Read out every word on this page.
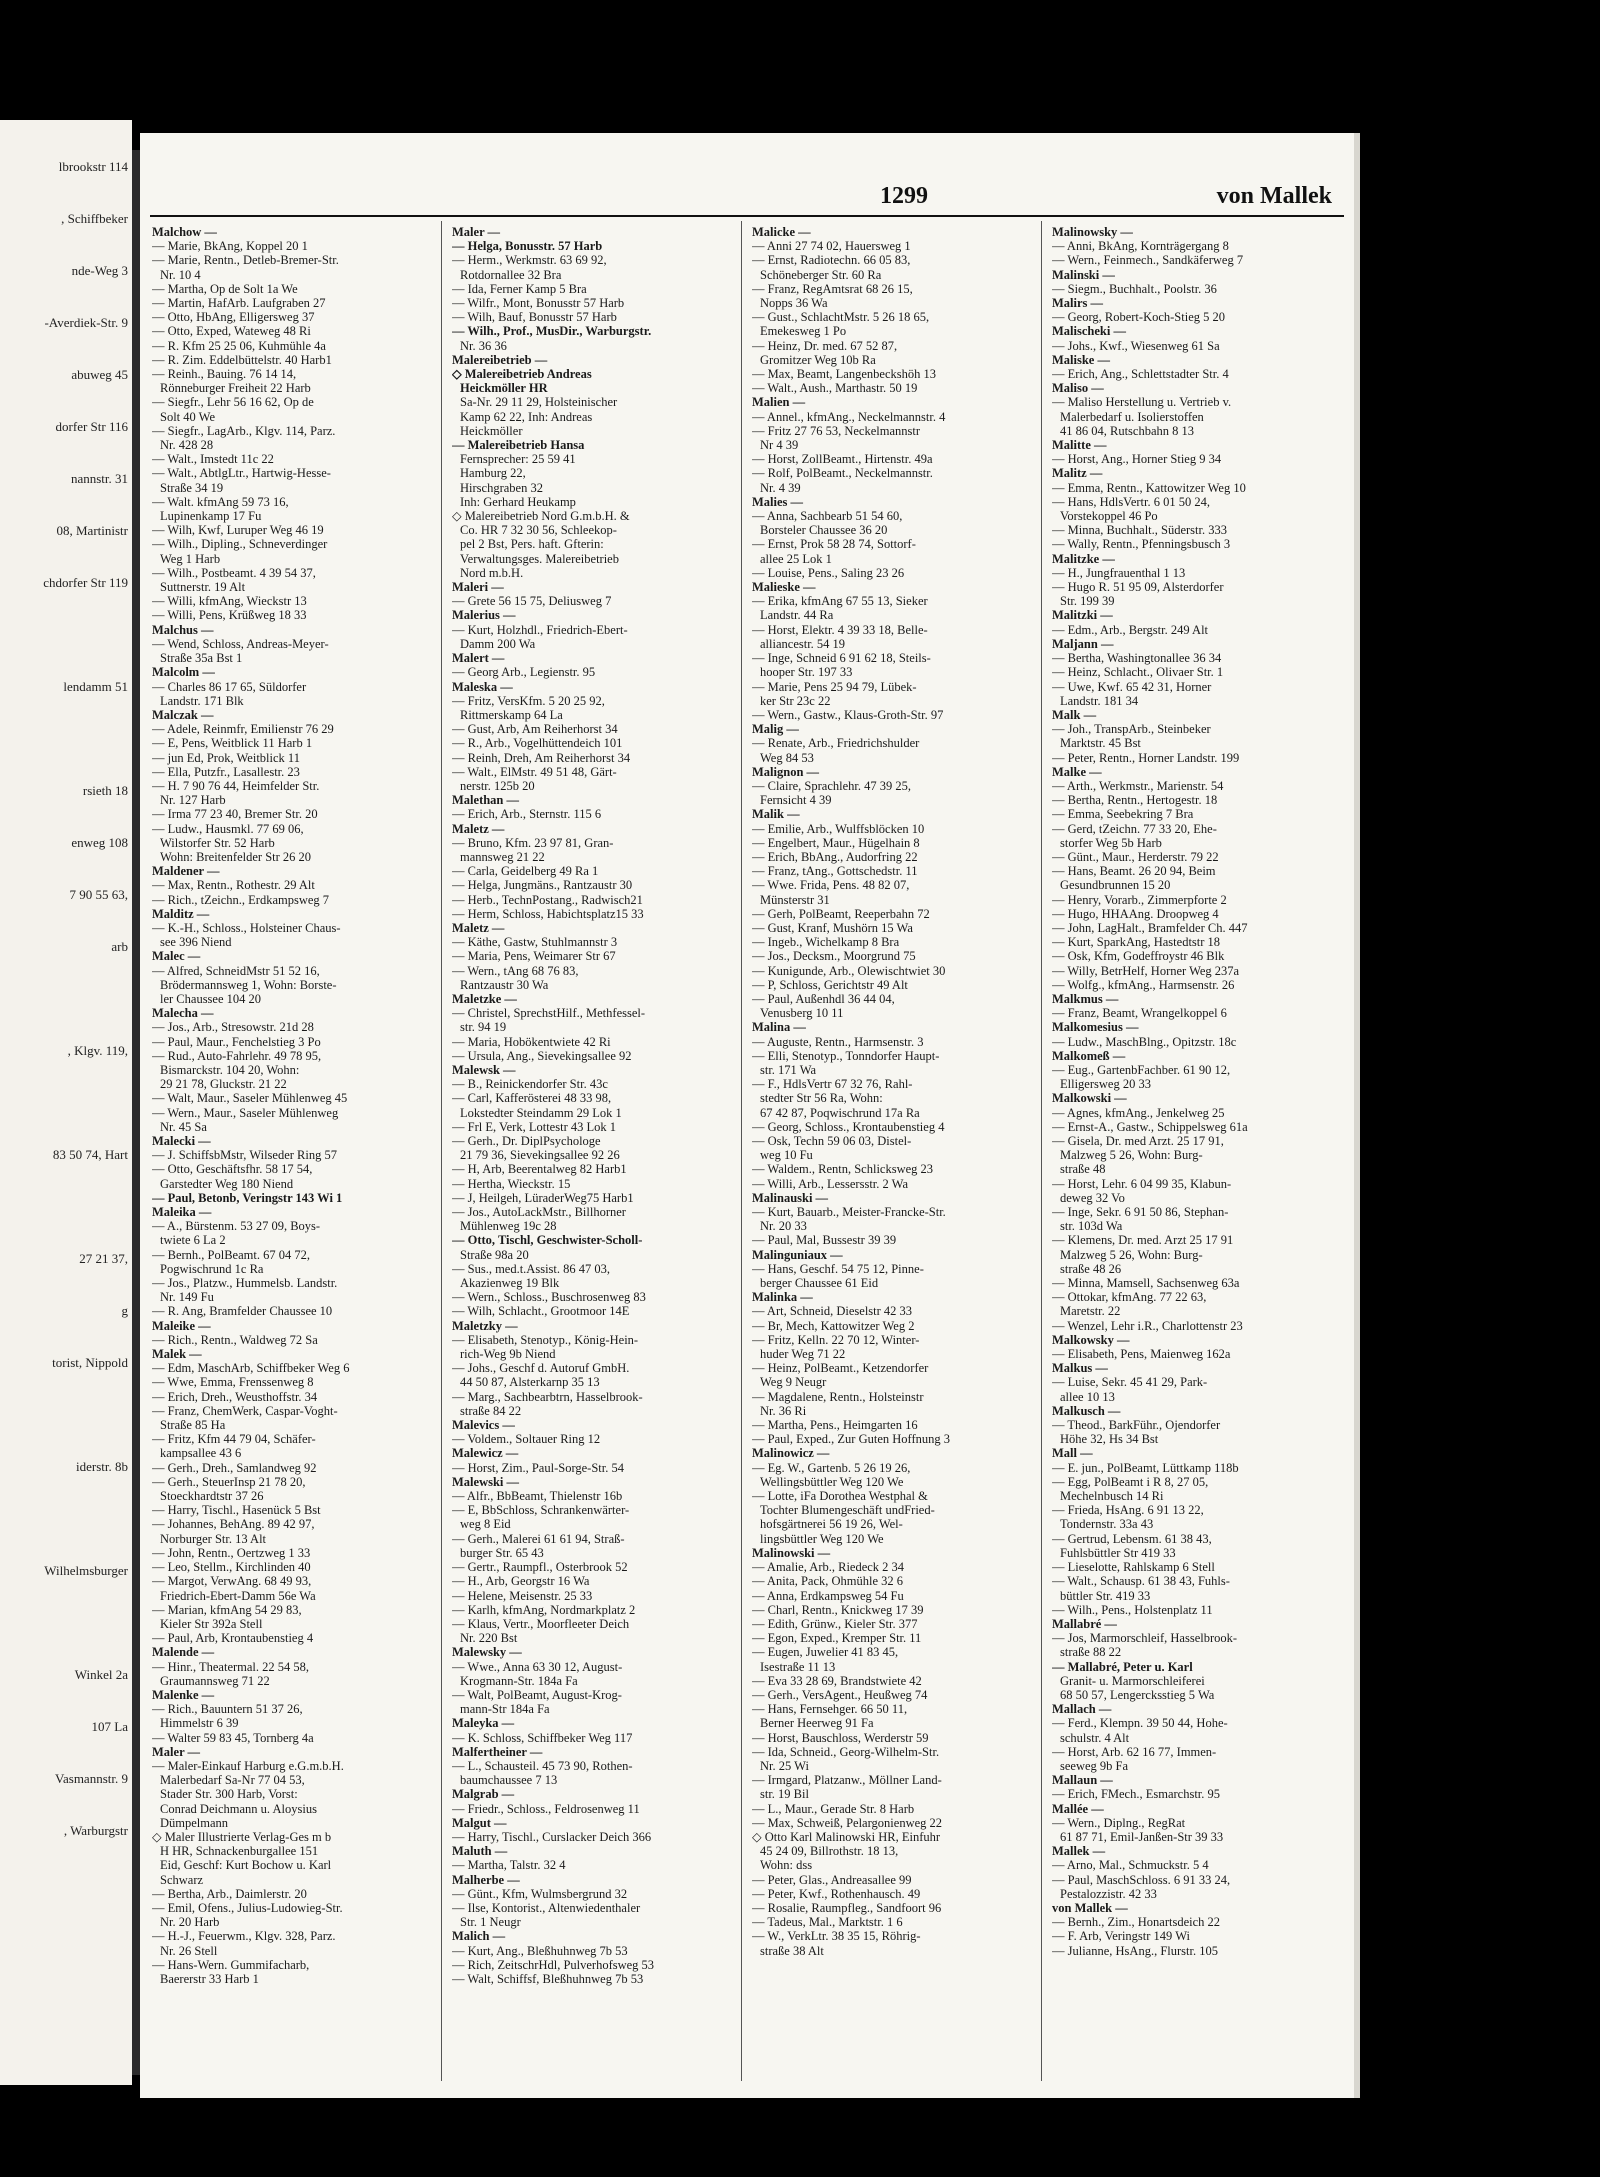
lbrookstr 114
, Schiffbeker
nde-Weg 3
-Averdiek-Str. 9
abuweg 45
dorfer Str 116
nannstr. 31
08, Martinistr
chdorfer Str 119
lendamm 51
rsieth 18
enweg 108
7 90 55 63,
arb
, Klgv. 119,
83 50 74, Hart
27 21 37,
g
torist, Nippold
iderstr. 8b
Wilhelmsburger
Winkel 2a
107 La
Vasmannstr. 9
, Warburgstr
1299	von Mallek
Malchow —
— Marie, BkAng, Koppel 20 1
— Marie, Rentn., Detleb-Bremer-Str.
Nr. 10 4
— Martha, Op de Solt 1a We
— Martin, HafArb. Laufgraben 27
— Otto, HbAng, Elligersweg 37
— Otto, Exped, Wateweg 48 Ri
— R. Kfm 25 25 06, Kuhmühle 4a
— R. Zim. Eddelbüttelstr. 40 Harb1
— Reinh., Bauing. 76 14 14,
Rönneburger Freiheit 22 Harb
— Siegfr., Lehr 56 16 62, Op de
Solt 40 We
— Siegfr., LagArb., Klgv. 114, Parz.
Nr. 428 28
— Walt., Imstedt 11c 22
— Walt., AbtlgLtr., Hartwig-Hesse-
Straße 34 19
— Walt. kfmAng 59 73 16,
Lupinenkamp 17 Fu
— Wilh, Kwf, Luruper Weg 46 19
— Wilh., Dipling., Schneverdinger
Weg 1 Harb
— Wilh., Postbeamt. 4 39 54 37,
Suttnerstr. 19 Alt
— Willi, kfmAng, Wieckstr 13
— Willi, Pens, Krüßweg 18 33
Malchus —
— Wend, Schloss, Andreas-Meyer-
Straße 35a Bst 1
Malcolm —
— Charles 86 17 65, Süldorfer
Landstr. 171 Blk
Malczak —
— Adele, Reinmfr, Emilienstr 76 29
— E, Pens, Weitblick 11 Harb 1
— jun Ed, Prok, Weitblick 11
— Ella, Putzfr., Lasallestr. 23
— H. 7 90 76 44, Heimfelder Str.
Nr. 127 Harb
— Irma 77 23 40, Bremer Str. 20
— Ludw., Hausmkl. 77 69 06,
Wilstorfer Str. 52 Harb
Wohn: Breitenfelder Str 26 20
Maldener —
— Max, Rentn., Rothestr. 29 Alt
— Rich., tZeichn., Erdkampsweg 7
Malditz —
— K.-H., Schloss., Holsteiner Chaus-
see 396 Niend
Malec —
— Alfred, SchneidMstr 51 52 16,
Brödermannsweg 1, Wohn: Borste-
ler Chaussee 104 20
Malecha —
— Jos., Arb., Stresowstr. 21d 28
— Paul, Maur., Fenchelstieg 3 Po
— Rud., Auto-Fahrlehr. 49 78 95,
Bismarckstr. 104 20, Wohn:
29 21 78, Gluckstr. 21 22
— Walt, Maur., Saseler Mühlenweg 45
— Wern., Maur., Saseler Mühlenweg
Nr. 45 Sa
Malecki —
— J. SchiffsbMstr, Wilseder Ring 57
— Otto, Geschäftsfhr. 58 17 54,
Garstedter Weg 180 Niend
— Paul, Betonb, Veringstr 143 Wi 1
Maleika —
— A., Bürstenm. 53 27 09, Boys-
twiete 6 La 2
— Bernh., PolBeamt. 67 04 72,
Pogwischrund 1c Ra
— Jos., Platzw., Hummelsb. Landstr.
Nr. 149 Fu
— R. Ang, Bramfelder Chaussee 10
Maleike —
— Rich., Rentn., Waldweg 72 Sa
Malek —
— Edm, MaschArb, Schiffbeker Weg 6
— Wwe, Emma, Frenssenweg 8
— Erich, Dreh., Weusthoffstr. 34
— Franz, ChemWerk, Caspar-Voght-
Straße 85 Ha
— Fritz, Kfm 44 79 04, Schäfer-
kampsallee 43 6
— Gerh., Dreh., Samlandweg 92
— Gerh., SteuerInsp 21 78 20,
Stoeckhardtstr 37 26
— Harry, Tischl., Hasenück 5 Bst
— Johannes, BehAng. 89 42 97,
Norburger Str. 13 Alt
— John, Rentn., Oertzweg 1 33
— Leo, Stellm., Kirchlinden 40
— Margot, VerwAng. 68 49 93,
Friedrich-Ebert-Damm 56e Wa
— Marian, kfmAng 54 29 83,
Kieler Str 392a Stell
— Paul, Arb, Krontaubenstieg 4
Malende —
— Hinr., Theatermal. 22 54 58,
Graumannsweg 71 22
Malenke —
— Rich., Bauuntern 51 37 26,
Himmelstr 6 39
— Walter 59 83 45, Tornberg 4a
Maler —
— Maler-Einkauf Harburg e.G.m.b.H.
Malerbedarf Sa-Nr 77 04 53,
Stader Str. 300 Harb, Vorst:
Conrad Deichmann u. Aloysius
Dümpelmann
◇ Maler Illustrierte Verlag-Ges m b
H HR, Schnackenburgallee 151
Eid, Geschf: Kurt Bochow u. Karl
Schwarz
— Bertha, Arb., Daimlerstr. 20
— Emil, Ofens., Julius-Ludowieg-Str.
Nr. 20 Harb
— H.-J., Feuerwm., Klgv. 328, Parz.
Nr. 26 Stell
— Hans-Wern. Gummifacharb,
Baererstr 33 Harb 1
Maler —
— Helga, Bonusstr. 57 Harb
— Herm., Werkmstr. 63 69 92,
Rotdornallee 32 Bra
— Ida, Ferner Kamp 5 Bra
— Wilfr., Mont, Bonusstr 57 Harb
— Wilh, Bauf, Bonusstr 57 Harb
— Wilh., Prof., MusDir., Warburgstr.
Nr. 36 36
Malereibetrieb —
◇ Malereibetrieb Andreas
Heickmöller HR
Sa-Nr. 29 11 29, Holsteinischer
Kamp 62 22, Inh: Andreas
Heickmöller
— Malereibetrieb Hansa
Fernsprecher: 25 59 41
Hamburg 22,
Hirschgraben 32
Inh: Gerhard Heukamp
◇ Malereibetrieb Nord G.m.b.H. &
Co. HR 7 32 30 56, Schleekop-
pel 2 Bst, Pers. haft. Gfterin:
Verwaltungsges. Malereibetrieb
Nord m.b.H.
Maleri —
— Grete 56 15 75, Deliusweg 7
Malerius —
— Kurt, Holzhdl., Friedrich-Ebert-
Damm 200 Wa
Malert —
— Georg Arb., Legienstr. 95
Maleska —
— Fritz, VersKfm. 5 20 25 92,
Rittmerskamp 64 La
— Gust, Arb, Am Reiherhorst 34
— R., Arb., Vogelhüttendeich 101
— Reinh, Dreh, Am Reiherhorst 34
— Walt., ElMstr. 49 51 48, Gärt-
nerstr. 125b 20
Malethan —
— Erich, Arb., Sternstr. 115 6
Maletz —
— Bruno, Kfm. 23 97 81, Gran-
mannsweg 21 22
— Carla, Geidelberg 49 Ra 1
— Helga, Jungmäns., Rantzaustr 30
— Herb., TechnPostang., Radwisch21
— Herm, Schloss, Habichtsplatz15 33
Maletz —
— Käthe, Gastw, Stuhlmannstr 3
— Maria, Pens, Weimarer Str 67
— Wern., tAng 68 76 83,
Rantzaustr 30 Wa
Maletzke —
— Christel, SprechstHilf., Methfessel-
str. 94 19
— Maria, Hobökentwiete 42 Ri
— Ursula, Ang., Sievekingsallee 92
Malewsk —
— B., Reinickendorfer Str. 43c
— Carl, Kafferösterei 48 33 98,
Lokstedter Steindamm 29 Lok 1
— Frl E, Verk, Lottestr 43 Lok 1
— Gerh., Dr. DiplPsychologe
21 79 36, Sievekingsallee 92 26
— H, Arb, Beerentalweg 82 Harb1
— Hertha, Wieckstr. 15
— J, Heilgeh, LüraderWeg75 Harb1
— Jos., AutoLackMstr., Billhorner
Mühlenweg 19c 28
— Otto, Tischl, Geschwister-Scholl-
Straße 98a 20
— Sus., med.t.Assist. 86 47 03,
Akazienweg 19 Blk
— Wern., Schloss., Buschrosenweg 83
— Wilh, Schlacht., Grootmoor 14E
Maletzky —
— Elisabeth, Stenotyp., König-Hein-
rich-Weg 9b Niend
— Johs., Geschf d. Autoruf GmbH.
44 50 87, Alsterkarnp 35 13
— Marg., Sachbearbtrn, Hasselbrook-
straße 84 22
Malevics —
— Voldem., Soltauer Ring 12
Malewicz —
— Horst, Zim., Paul-Sorge-Str. 54
Malewski —
— Alfr., BbBeamt, Thielenstr 16b
— E, BbSchloss, Schrankenwärter-
weg 8 Eid
— Gerh., Malerei 61 61 94, Straß-
burger Str. 65 43
— Gertr., Raumpfl., Osterbrook 52
— H., Arb, Georgstr 16 Wa
— Helene, Meisenstr. 25 33
— Karlh, kfmAng, Nordmarkplatz 2
— Klaus, Vertr., Moorfleeter Deich
Nr. 220 Bst
Malewsky —
— Wwe., Anna 63 30 12, August-
Krogmann-Str. 184a Fa
— Walt, PolBeamt, August-Krog-
mann-Str 184a Fa
Maleyka —
— K. Schloss, Schiffbeker Weg 117
Malfertheiner —
— L., Schausteil. 45 73 90, Rothen-
baumchaussee 7 13
Malgrab —
— Friedr., Schloss., Feldrosenweg 11
Malgut —
— Harry, Tischl., Curslacker Deich 366
Maluth —
— Martha, Talstr. 32 4
Malherbe —
— Günt., Kfm, Wulmsbergrund 32
— Ilse, Kontorist., Altenwiedenthaler
Str. 1 Neugr
Malich —
— Kurt, Ang., Bleßhuhnweg 7b 53
— Rich, ZeitschrHdl, Pulverhofsweg 53
— Walt, Schiffsf, Bleßhuhnweg 7b 53
Malicke —
— Anni 27 74 02, Hauersweg 1
— Ernst, Radiotechn. 66 05 83,
Schöneberger Str. 60 Ra
— Franz, RegAmtsrat 68 26 15,
Nopps 36 Wa
— Gust., SchlachtMstr. 5 26 18 65,
Emekesweg 1 Po
— Heinz, Dr. med. 67 52 87,
Gromitzer Weg 10b Ra
— Max, Beamt, Langenbeckshöh 13
— Walt., Aush., Marthastr. 50 19
Malien —
— Annel., kfmAng., Neckelmannstr. 4
— Fritz 27 76 53, Neckelmannstr
Nr 4 39
— Horst, ZollBeamt., Hirtenstr. 49a
— Rolf, PolBeamt., Neckelmannstr.
Nr. 4 39
Malies —
— Anna, Sachbearb 51 54 60,
Borsteler Chaussee 36 20
— Ernst, Prok 58 28 74, Sottorf-
allee 25 Lok 1
— Louise, Pens., Saling 23 26
Malieske —
— Erika, kfmAng 67 55 13, Sieker
Landstr. 44 Ra
— Horst, Elektr. 4 39 33 18, Belle-
alliancestr. 54 19
— Inge, Schneid 6 91 62 18, Steils-
hooper Str. 197 33
— Marie, Pens 25 94 79, Lübek-
ker Str 23c 22
— Wern., Gastw., Klaus-Groth-Str. 97
Malig —
— Renate, Arb., Friedrichshulder
Weg 84 53
Malignon —
— Claire, Sprachlehr. 47 39 25,
Fernsicht 4 39
Malik —
— Emilie, Arb., Wulffsblöcken 10
— Engelbert, Maur., Hügelhain 8
— Erich, BbAng., Audorfring 22
— Franz, tAng., Gottschedstr. 11
— Wwe. Frida, Pens. 48 82 07,
Münsterstr 31
— Gerh, PolBeamt, Reeperbahn 72
— Gust, Kranf, Mushörn 15 Wa
— Ingeb., Wichelkamp 8 Bra
— Jos., Decksm., Moorgrund 75
— Kunigunde, Arb., Olewischtwiet 30
— P, Schloss, Gerichtstr 49 Alt
— Paul, Außenhdl 36 44 04,
Venusberg 10 11
Malina —
— Auguste, Rentn., Harmsenstr. 3
— Elli, Stenotyp., Tonndorfer Haupt-
str. 171 Wa
— F., HdlsVertr 67 32 76, Rahl-
stedter Str 56 Ra, Wohn:
67 42 87, Poqwischrund 17a Ra
— Georg, Schloss., Krontaubenstieg 4
— Osk, Techn 59 06 03, Distel-
weg 10 Fu
— Waldem., Rentn, Schlicksweg 23
— Willi, Arb., Lessersstr. 2 Wa
Malinauski —
— Kurt, Bauarb., Meister-Francke-Str.
Nr. 20 33
— Paul, Mal, Bussestr 39 39
Malinguniaux —
— Hans, Geschf. 54 75 12, Pinne-
berger Chaussee 61 Eid
Malinka —
— Art, Schneid, Dieselstr 42 33
— Br, Mech, Kattowitzer Weg 2
— Fritz, Kelln. 22 70 12, Winter-
huder Weg 71 22
— Heinz, PolBeamt., Ketzendorfer
Weg 9 Neugr
— Magdalene, Rentn., Holsteinstr
Nr. 36 Ri
— Martha, Pens., Heimgarten 16
— Paul, Exped., Zur Guten Hoffnung 3
Malinowicz —
— Eg. W., Gartenb. 5 26 19 26,
Wellingsbüttler Weg 120 We
— Lotte, iFa Dorothea Westphal &
Tochter Blumengeschäft undFried-
hofsgärtnerei 56 19 26, Wel-
lingsbüttler Weg 120 We
Malinowski —
— Amalie, Arb., Riedeck 2 34
— Anita, Pack, Ohmühle 32 6
— Anna, Erdkampsweg 54 Fu
— Charl, Rentn., Knickweg 17 39
— Edith, Grünw., Kieler Str. 377
— Egon, Exped., Kremper Str. 11
— Eugen, Juwelier 41 83 45,
Isestraße 11 13
— Eva 33 28 69, Brandstwiete 42
— Gerh., VersAgent., Heußweg 74
— Hans, Fernsehger. 66 50 11,
Berner Heerweg 91 Fa
— Horst, Bauschloss, Werderstr 59
— Ida, Schneid., Georg-Wilhelm-Str.
Nr. 25 Wi
— Irmgard, Platzanw., Möllner Land-
str. 19 Bil
— L., Maur., Gerade Str. 8 Harb
— Max, Schweiß, Pelargonienweg 22
◇ Otto Karl Malinowski HR, Einfuhr
45 24 09, Billrothstr. 18 13,
Wohn: dss
— Peter, Glas., Andreasallee 99
— Peter, Kwf., Rothenhausch. 49
— Rosalie, Raumpfleg., Sandfoort 96
— Tadeus, Mal., Marktstr. 1 6
— W., VerkLtr. 38 35 15, Röhrig-
straße 38 Alt
Malinowsky —
— Anni, BkAng, Kornträgergang 8
— Wern., Feinmech., Sandkäferweg 7
Malinski —
— Siegm., Buchhalt., Poolstr. 36
Malirs —
— Georg, Robert-Koch-Stieg 5 20
Malischeki —
— Johs., Kwf., Wiesenweg 61 Sa
Maliske —
— Erich, Ang., Schlettstadter Str. 4
Maliso —
— Maliso Herstellung u. Vertrieb v.
Malerbedarf u. Isolierstoffen
41 86 04, Rutschbahn 8 13
Malitte —
— Horst, Ang., Horner Stieg 9 34
Malitz —
— Emma, Rentn., Kattowitzer Weg 10
— Hans, HdlsVertr. 6 01 50 24,
Vorstekoppel 46 Po
— Minna, Buchhalt., Süderstr. 333
— Wally, Rentn., Pfenningsbusch 3
Malitzke —
— H., Jungfrauenthal 1 13
— Hugo R. 51 95 09, Alsterdorfer
Str. 199 39
Malitzki —
— Edm., Arb., Bergstr. 249 Alt
Maljann —
— Bertha, Washingtonallee 36 34
— Heinz, Schlacht., Olivaer Str. 1
— Uwe, Kwf. 65 42 31, Horner
Landstr. 181 34
Malk —
— Joh., TranspArb., Steinbeker
Marktstr. 45 Bst
— Peter, Rentn., Horner Landstr. 199
Malke —
— Arth., Werkmstr., Marienstr. 54
— Bertha, Rentn., Hertogestr. 18
— Emma, Seebekring 7 Bra
— Gerd, tZeichn. 77 33 20, Ehe-
storfer Weg 5b Harb
— Günt., Maur., Herderstr. 79 22
— Hans, Beamt. 26 20 94, Beim
Gesundbrunnen 15 20
— Henry, Vorarb., Zimmerpforte 2
— Hugo, HHAAng. Droopweg 4
— John, LagHalt., Bramfelder Ch. 447
— Kurt, SparkAng, Hastedtstr 18
— Osk, Kfm, Godeffroystr 46 Blk
— Willy, BetrHelf, Horner Weg 237a
— Wolfg., kfmAng., Harmsenstr. 26
Malkmus —
— Franz, Beamt, Wrangelkoppel 6
Malkomesius —
— Ludw., MaschBlng., Opitzstr. 18c
Malkomeß —
— Eug., GartenbFachber. 61 90 12,
Elligersweg 20 33
Malkowski —
— Agnes, kfmAng., Jenkelweg 25
— Ernst-A., Gastw., Schippelsweg 61a
— Gisela, Dr. med Arzt. 25 17 91,
Malzweg 5 26, Wohn: Burg-
straße 48
— Horst, Lehr. 6 04 99 35, Klabun-
deweg 32 Vo
— Inge, Sekr. 6 91 50 86, Stephan-
str. 103d Wa
— Klemens, Dr. med. Arzt 25 17 91
Malzweg 5 26, Wohn: Burg-
straße 48 26
— Minna, Mamsell, Sachsenweg 63a
— Ottokar, kfmAng. 77 22 63,
Maretstr. 22
— Wenzel, Lehr i.R., Charlottenstr 23
Malkowsky —
— Elisabeth, Pens, Maienweg 162a
Malkus —
— Luise, Sekr. 45 41 29, Park-
allee 10 13
Malkusch —
— Theod., BarkFühr., Ojendorfer
Höhe 32, Hs 34 Bst
Mall —
— E. jun., PolBeamt, Lüttkamp 118b
— Egg, PolBeamt i R 8, 27 05,
Mechelnbusch 14 Ri
— Frieda, HsAng. 6 91 13 22,
Tondernstr. 33a 43
— Gertrud, Lebensm. 61 38 43,
Fuhlsbüttler Str 419 33
— Lieselotte, Rahlskamp 6 Stell
— Walt., Schausp. 61 38 43, Fuhls-
büttler Str. 419 33
— Wilh., Pens., Holstenplatz 11
Mallabré —
— Jos, Marmorschleif, Hasselbrook-
straße 88 22
— Mallabré, Peter u. Karl
Granit- u. Marmorschleiferei
68 50 57, Lengercksstieg 5 Wa
Mallach —
— Ferd., Klempn. 39 50 44, Hohe-
schulstr. 4 Alt
— Horst, Arb. 62 16 77, Immen-
seeweg 9b Fa
Mallaun —
— Erich, FMech., Esmarchstr. 95
Mallée —
— Wern., Diplng., RegRat
61 87 71, Emil-Janßen-Str 39 33
Mallek —
— Arno, Mal., Schmuckstr. 5 4
— Paul, MaschSchloss. 6 91 33 24,
Pestalozzistr. 42 33
von Mallek —
— Bernh., Zim., Honartsdeich 22
— F. Arb, Veringstr 149 Wi
— Julianne, HsAng., Flurstr. 105
